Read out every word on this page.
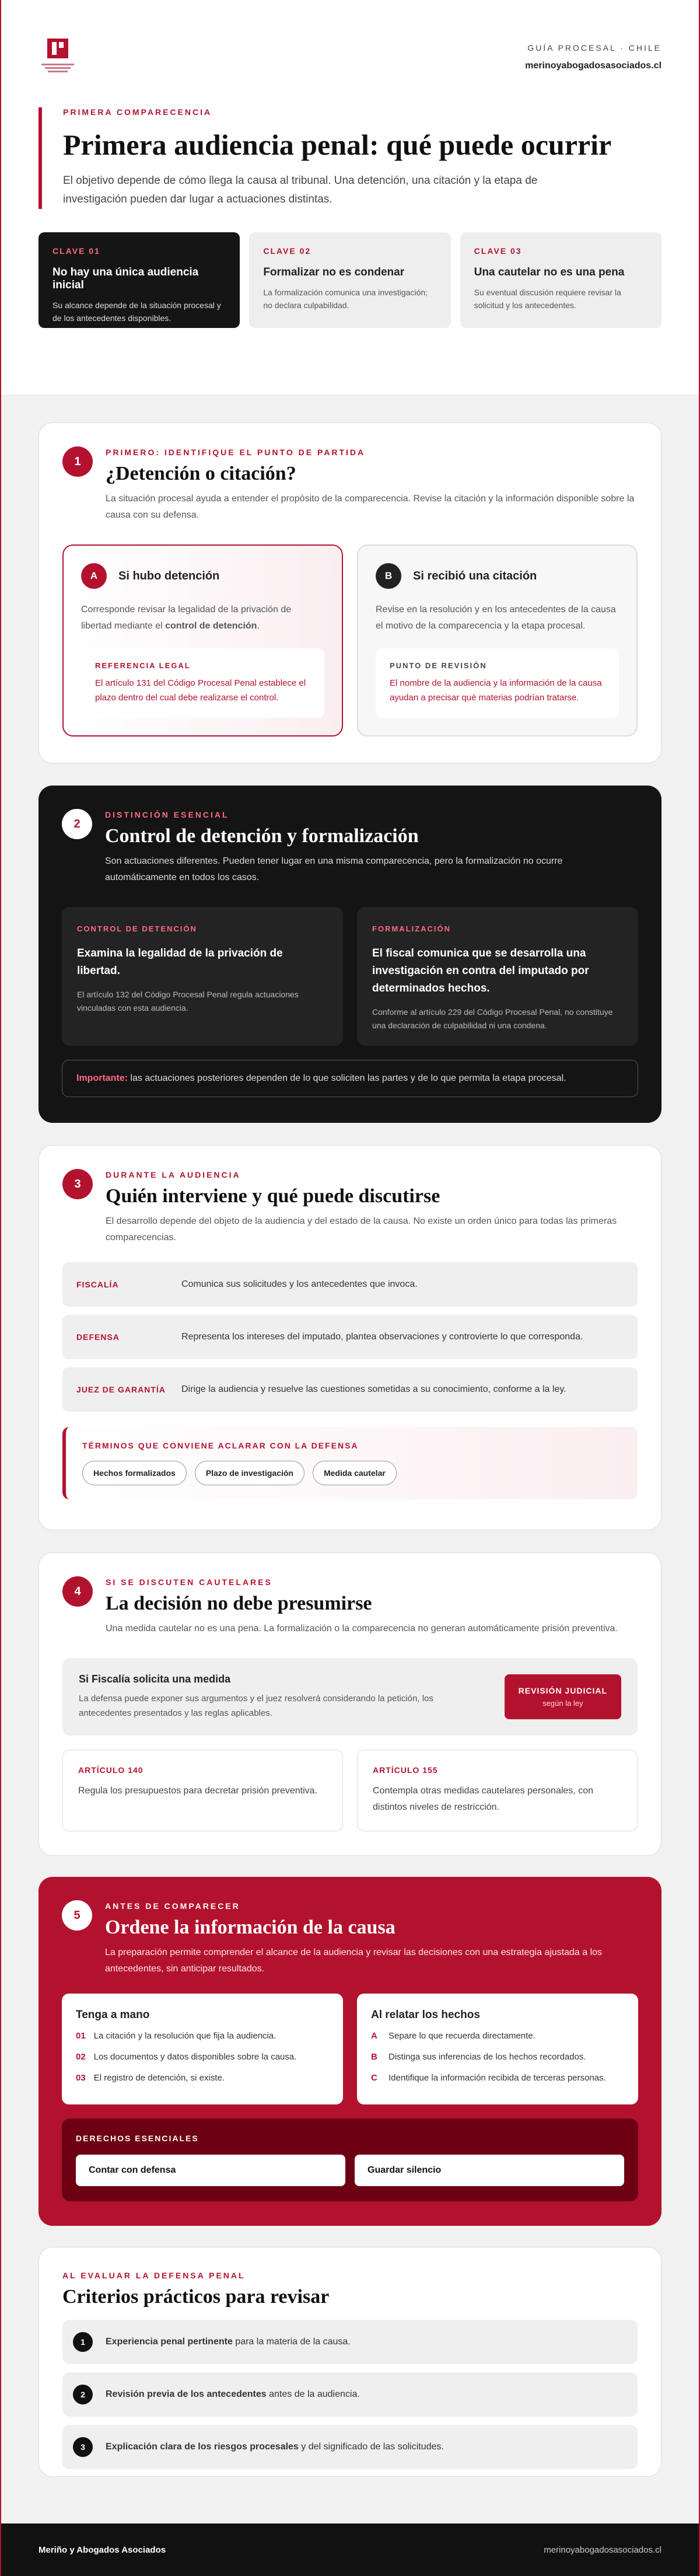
GUÍA PROCESAL · CHILE
merinoyabogadosasociados.cl
PRIMERA COMPARECENCIA
Primera audiencia penal: qué puede ocurrir

El objetivo depende de cómo llega la causa al tribunal. Una detención, una citación y la etapa de investigación pueden dar lugar a actuaciones distintas.

CLAVE 01
No hay una única audiencia inicial

Su alcance depende de la situación procesal y de los antecedentes disponibles.

CLAVE 02
Formalizar no es condenar

La formalización comunica una investigación; no declara culpabilidad.

CLAVE 03
Una cautelar no es una pena

Su eventual discusión requiere revisar la solicitud y los antecedentes.

1
PRIMERO: IDENTIFIQUE EL PUNTO DE PARTIDA
¿Detención o citación?

La situación procesal ayuda a entender el propósito de la comparecencia. Revise la citación y la información disponible sobre la causa con su defensa.

A	Si hubo detención
Corresponde revisar la legalidad de la privación de libertad mediante el control de detención.
REFERENCIA LEGAL

El artículo 131 del Código Procesal Penal establece el plazo dentro del cual debe realizarse el control.

B	Si recibió una citación
Revise en la resolución y en los antecedentes de la causa el motivo de la comparecencia y la etapa procesal.
PUNTO DE REVISIÓN

El nombre de la audiencia y la información de la causa ayudan a precisar qué materias podrían tratarse.

2
DISTINCIÓN ESENCIAL
Control de detención y formalización

Son actuaciones diferentes. Pueden tener lugar en una misma comparecencia, pero la formalización no ocurre automáticamente en todos los casos.

CONTROL DE DETENCIÓN
Examina la legalidad de la privación de libertad.

El artículo 132 del Código Procesal Penal regula actuaciones vinculadas con esta audiencia.

FORMALIZACIÓN
El fiscal comunica que se desarrolla una investigación en contra del imputado por determinados hechos.

Conforme al artículo 229 del Código Procesal Penal, no constituye una declaración de culpabilidad ni una condena.

Importante: las actuaciones posteriores dependen de lo que soliciten las partes y de lo que permita la etapa procesal.
3
DURANTE LA AUDIENCIA
Quién interviene y qué puede discutirse

El desarrollo depende del objeto de la audiencia y del estado de la causa. No existe un orden único para todas las primeras comparecencias.

FISCALÍA	Comunica sus solicitudes y los antecedentes que invoca.
DEFENSA	Representa los intereses del imputado, plantea observaciones y controvierte lo que corresponda.
JUEZ DE GARANTÍA	Dirige la audiencia y resuelve las cuestiones sometidas a su conocimiento, conforme a la ley.
TÉRMINOS QUE CONVIENE ACLARAR CON LA DEFENSA
Hechos formalizados	Plazo de investigación	Medida cautelar
4
SI SE DISCUTEN CAUTELARES
La decisión no debe presumirse

Una medida cautelar no es una pena. La formalización o la comparecencia no generan automáticamente prisión preventiva.

Si Fiscalía solicita una medida

La defensa puede exponer sus argumentos y el juez resolverá considerando la petición, los antecedentes presentados y las reglas aplicables.

REVISIÓN JUDICIAL
según la ley
ARTÍCULO 140

Regula los presupuestos para decretar prisión preventiva.

ARTÍCULO 155

Contempla otras medidas cautelares personales, con distintos niveles de restricción.

5
ANTES DE COMPARECER
Ordene la información de la causa

La preparación permite comprender el alcance de la audiencia y revisar las decisiones con una estrategia ajustada a los antecedentes, sin anticipar resultados.

Tenga a mano
01 La citación y la resolución que fija la audiencia.
02 Los documentos y datos disponibles sobre la causa.
03 El registro de detención, si existe.
Al relatar los hechos
A	Separe lo que recuerda directamente.
B	Distinga sus inferencias de los hechos recordados.
C	Identifique la información recibida de terceras personas.
DERECHOS ESENCIALES
Contar con defensa	Guardar silencio
AL EVALUAR LA DEFENSA PENAL
Criterios prácticos para revisar
1	Experiencia penal pertinente para la materia de la causa.
2	Revisión previa de los antecedentes antes de la audiencia.
3	Explicación clara de los riesgos procesales y del significado de las solicitudes.
Meriño y Abogados Asociados	merinoyabogadosasociados.cl
